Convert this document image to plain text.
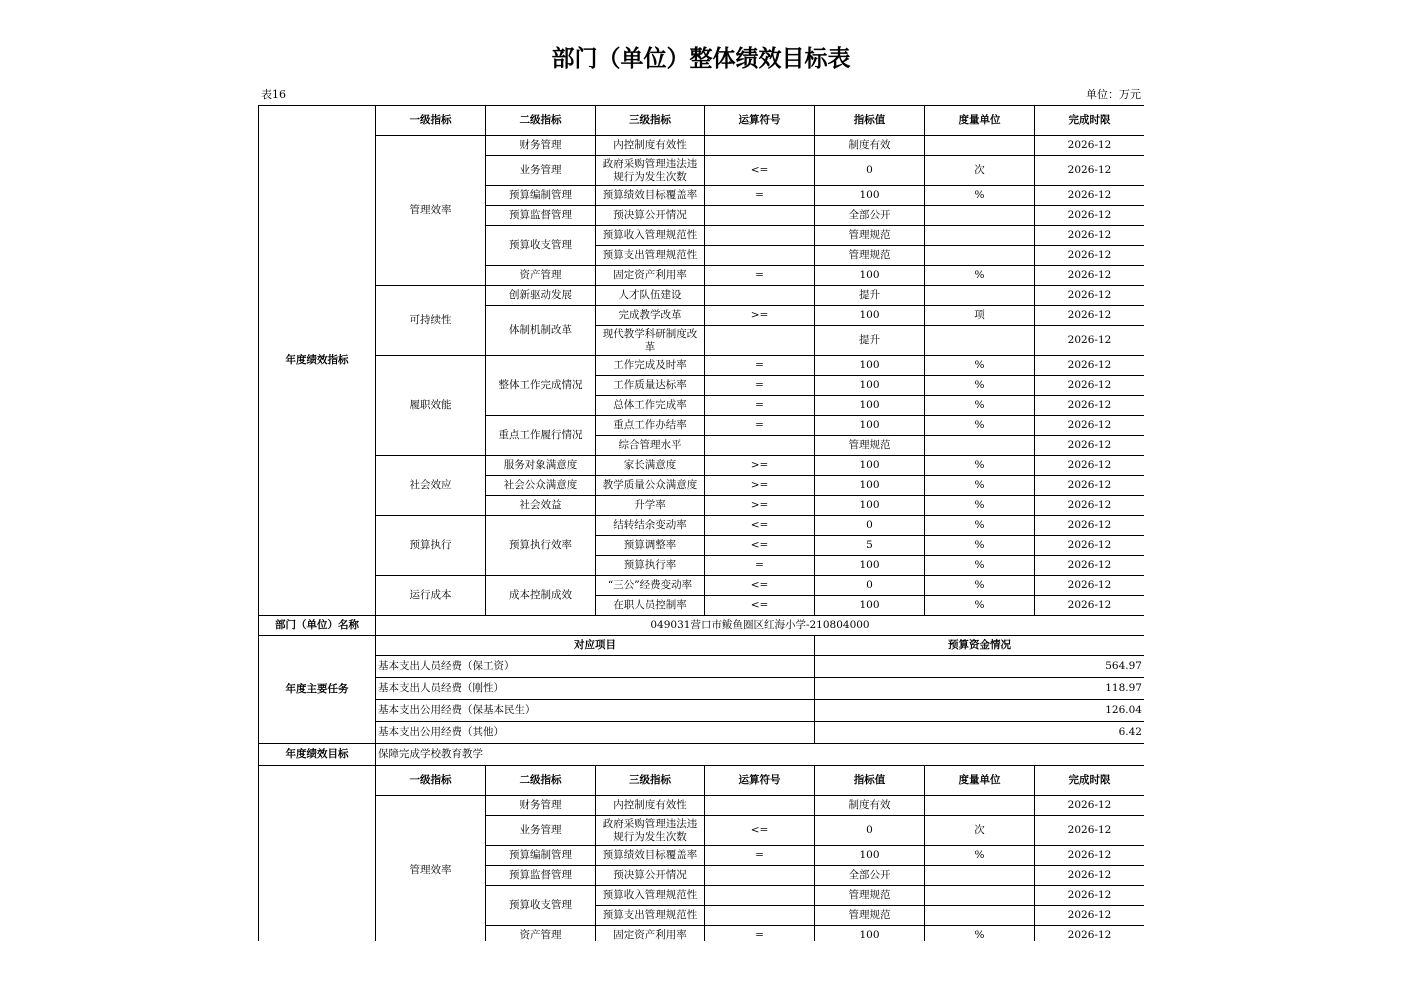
部门（单位）整体绩效目标表
表16	单位：万元
年度绩效指标	一级指标	二级指标	三级指标	运算符号	指标值	度量单位	完成时限
	管理效率	财务管理	内控制度有效性		制度有效		2026-12
		业务管理	政府采购管理违法违规行为发生次数	<=	0	次	2026-12
		预算编制管理	预算绩效目标覆盖率	=	100	%	2026-12
		预算监督管理	预决算公开情况		全部公开		2026-12
		预算收支管理	预算收入管理规范性		管理规范		2026-12
			预算支出管理规范性		管理规范		2026-12
		资产管理	固定资产利用率	=	100	%	2026-12
	可持续性	创新驱动发展	人才队伍建设		提升		2026-12
		体制机制改革	完成教学改革	>=	100	项	2026-12
			现代教学科研制度改革		提升		2026-12
	履职效能	整体工作完成情况	工作完成及时率	=	100	%	2026-12
			工作质量达标率	=	100	%	2026-12
			总体工作完成率	=	100	%	2026-12
		重点工作履行情况	重点工作办结率	=	100	%	2026-12
			综合管理水平		管理规范		2026-12
	社会效应	服务对象满意度	家长满意度	>=	100	%	2026-12
		社会公众满意度	教学质量公众满意度	>=	100	%	2026-12
		社会效益	升学率	>=	100	%	2026-12
	预算执行	预算执行效率	结转结余变动率	<=	0	%	2026-12
			预算调整率	<=	5	%	2026-12
			预算执行率	=	100	%	2026-12
	运行成本	成本控制成效	“三公”经费变动率	<=	0	%	2026-12
			在职人员控制率	<=	100	%	2026-12
部门（单位）名称	049031营口市鲅鱼圈区红海小学-210804000						
年度主要任务	对应项目				预算资金情况		
	基本支出人员经费（保工资）				564.97		
	基本支出人员经费（刚性）				118.97		
	基本支出公用经费（保基本民生）				126.04		
	基本支出公用经费（其他）				6.42		
年度绩效目标	保障完成学校教育教学						
	一级指标	二级指标	三级指标	运算符号	指标值	度量单位	完成时限
	管理效率	财务管理	内控制度有效性		制度有效		2026-12
		业务管理	政府采购管理违法违规行为发生次数	<=	0	次	2026-12
		预算编制管理	预算绩效目标覆盖率	=	100	%	2026-12
		预算监督管理	预决算公开情况		全部公开		2026-12
		预算收支管理	预算收入管理规范性		管理规范		2026-12
			预算支出管理规范性		管理规范		2026-12
		资产管理	固定资产利用率	=	100	%	2026-12
